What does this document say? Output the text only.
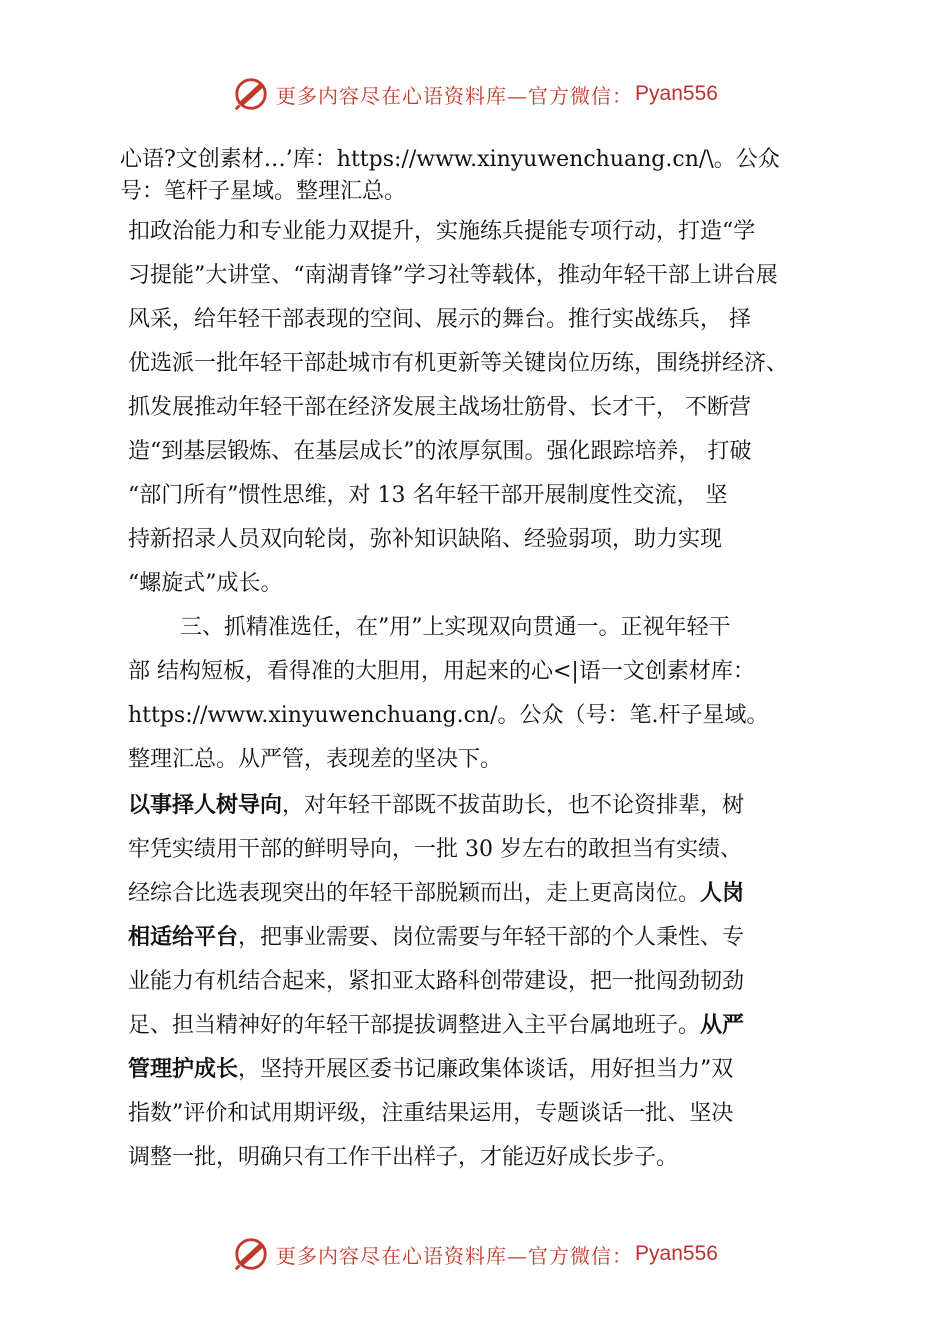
更多内容尽在心语资料库—官方微信： Pyan556
心语?文创素材…’库：https://www.xinyuwenchuang.cn/\。公众
号：笔杆子星域。整理汇总。
扣政治能力和专业能力双提升，实施练兵提能专项行动，打造“学
习提能”大讲堂、“南湖青锋”学习社等载体，推动年轻干部上讲台展
风采，给年轻干部表现的空间、展示的舞台。推行实战练兵， 择
优选派一批年轻干部赴城市有机更新等关键岗位历练，围绕拼经济、
抓发展推动年轻干部在经济发展主战场壮筋骨、长才干， 不断营
造“到基层锻炼、在基层成长”的浓厚氛围。强化跟踪培养， 打破
“部门所有”惯性思维，对 13 名年轻干部开展制度性交流， 坚
持新招录人员双向轮岗，弥补知识缺陷、经验弱项，助力实现
“螺旋式”成长。
三、抓精准选任，在”用”上实现双向贯通一。正视年轻干
部 结构短板，看得准的大胆用，用起来的心<|语一文创素材库：
https://www.xinyuwenchuang.cn/。公众（号：笔.杆子星域。
整理汇总。从严管，表现差的坚决下。
以事择人树导向，对年轻干部既不拔苗助长，也不论资排辈，树
牢凭实绩用干部的鲜明导向，一批 30 岁左右的敢担当有实绩、
经综合比选表现突出的年轻干部脱颖而出，走上更高岗位。人岗
相适给平台，把事业需要、岗位需要与年轻干部的个人秉性、专
业能力有机结合起来，紧扣亚太路科创带建设，把一批闯劲韧劲
足、担当精神好的年轻干部提拔调整进入主平台属地班子。从严
管理护成长，坚持开展区委书记廉政集体谈话，用好担当力”双
指数”评价和试用期评级，注重结果运用，专题谈话一批、坚决
调整一批，明确只有工作干出样子，才能迈好成长步子。
更多内容尽在心语资料库—官方微信： Pyan556
